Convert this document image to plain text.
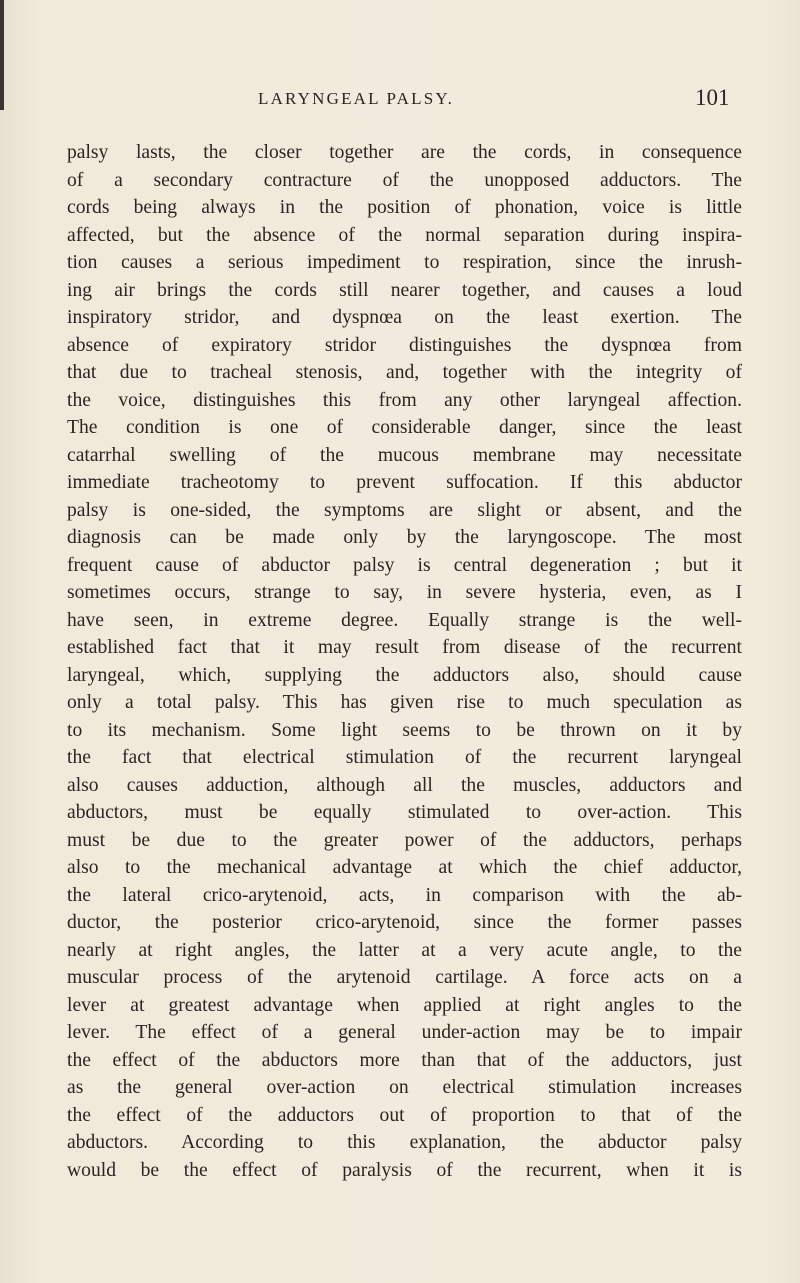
LARYNGEAL PALSY.	101
palsy lasts, the closer together are the cords, in consequence
of a secondary contracture of the unopposed adductors. The
cords being always in the position of phonation, voice is little
affected, but the absence of the normal separation during inspira-
tion causes a serious impediment to respiration, since the inrush-
ing air brings the cords still nearer together, and causes a loud
inspiratory stridor, and dyspnœa on the least exertion. The
absence of expiratory stridor distinguishes the dyspnœa from
that due to tracheal stenosis, and, together with the integrity of
the voice, distinguishes this from any other laryngeal affection.
The condition is one of considerable danger, since the least
catarrhal swelling of the mucous membrane may necessitate
immediate tracheotomy to prevent suffocation. If this abductor
palsy is one-sided, the symptoms are slight or absent, and the
diagnosis can be made only by the laryngoscope. The most
frequent cause of abductor palsy is central degeneration ; but it
sometimes occurs, strange to say, in severe hysteria, even, as I
have seen, in extreme degree. Equally strange is the well-
established fact that it may result from disease of the recurrent
laryngeal, which, supplying the adductors also, should cause
only a total palsy. This has given rise to much speculation as
to its mechanism. Some light seems to be thrown on it by
the fact that electrical stimulation of the recurrent laryngeal
also causes adduction, although all the muscles, adductors and
abductors, must be equally stimulated to over-action. This
must be due to the greater power of the adductors, perhaps
also to the mechanical advantage at which the chief adductor,
the lateral crico-arytenoid, acts, in comparison with the ab-
ductor, the posterior crico-arytenoid, since the former passes
nearly at right angles, the latter at a very acute angle, to the
muscular process of the arytenoid cartilage. A force acts on a
lever at greatest advantage when applied at right angles to the
lever. The effect of a general under-action may be to impair
the effect of the abductors more than that of the adductors, just
as the general over-action on electrical stimulation increases
the effect of the adductors out of proportion to that of the
abductors. According to this explanation, the abductor palsy
would be the effect of paralysis of the recurrent, when it is
